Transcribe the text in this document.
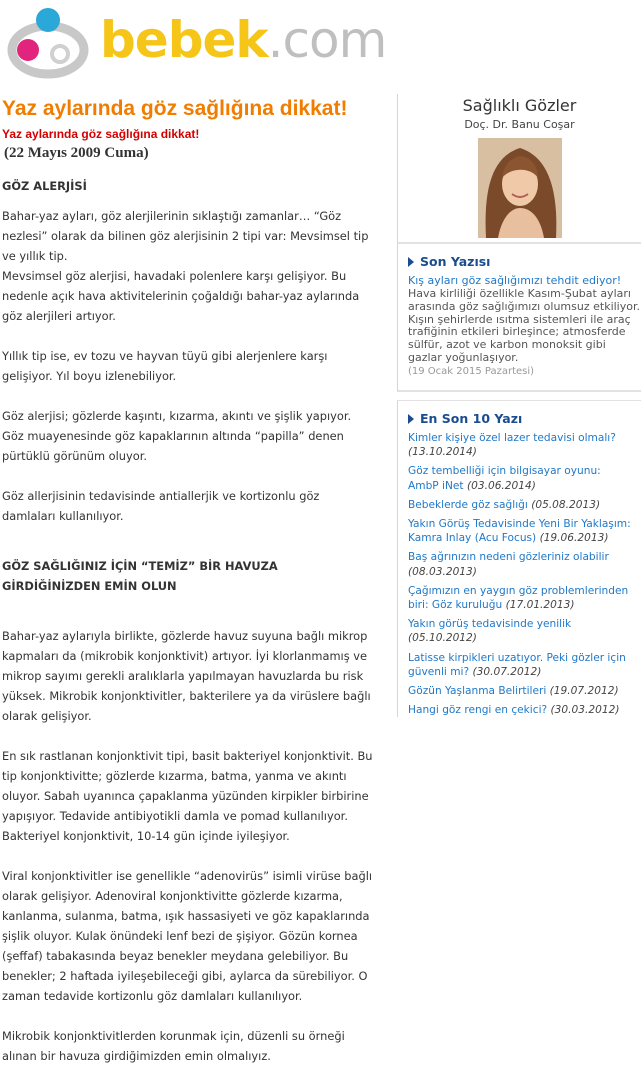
bebek.com
Yaz aylarında göz sağlığına dikkat!
Yaz aylarında göz sağlığına dikkat!
(22 Mayıs 2009 Cuma)
GÖZ ALERJİSİ

Bahar-yaz ayları, göz alerjilerinin sıklaştığı zamanlar… “Göz nezlesi” olarak da bilinen göz alerjisinin 2 tipi var: Mevsimsel tip ve yıllık tip.

Mevsimsel göz alerjisi, havadaki polenlere karşı gelişiyor. Bu nedenle açık hava aktivitelerinin çoğaldığı bahar-yaz aylarında göz alerjileri artıyor.

Yıllık tip ise, ev tozu ve hayvan tüyü gibi alerjenlere karşı gelişiyor. Yıl boyu izlenebiliyor.

Göz alerjisi; gözlerde kaşıntı, kızarma, akıntı ve şişlik yapıyor. Göz muayenesinde göz kapaklarının altında “papilla” denen pürtüklü görünüm oluyor.

Göz allerjisinin tedavisinde antiallerjik ve kortizonlu göz damlaları kullanılıyor.

GÖZ SAĞLIĞINIZ İÇİN “TEMİZ” BİR HAVUZA GİRDİĞİNİZDEN EMİN OLUN

Bahar-yaz aylarıyla birlikte, gözlerde havuz suyuna bağlı mikrop kapmaları da (mikrobik konjonktivit) artıyor. İyi klorlanmamış ve mikrop sayımı gerekli aralıklarla yapılmayan havuzlarda bu risk yüksek. Mikrobik konjonktivitler, bakterilere ya da virüslere bağlı olarak gelişiyor.

En sık rastlanan konjonktivit tipi, basit bakteriyel konjonktivit. Bu tip konjonktivitte; gözlerde kızarma, batma, yanma ve akıntı oluyor. Sabah uyanınca çapaklanma yüzünden kirpikler birbirine yapışıyor. Tedavide antibiyotikli damla ve pomad kullanılıyor. Bakteriyel konjonktivit, 10-14 gün içinde iyileşiyor.

Viral konjonktivitler ise genellikle “adenovirüs” isimli virüse bağlı olarak gelişiyor. Adenoviral konjonktivitte gözlerde kızarma, kanlanma, sulanma, batma, ışık hassasiyeti ve göz kapaklarında şişlik oluyor. Kulak önündeki lenf bezi de şişiyor. Gözün kornea (şeffaf) tabakasında beyaz benekler meydana gelebiliyor. Bu benekler; 2 haftada iyileşebileceği gibi, aylarca da sürebiliyor. O zaman tedavide kortizonlu göz damlaları kullanılıyor.

Mikrobik konjonktivitlerden korunmak için, düzenli su örneği alınan bir havuza girdiğimizden emin olmalıyız.

Sağlıklı Gözler
Doç. Dr. Banu Coşar
Son Yazısı
Kış ayları göz sağlığımızı tehdit ediyor!
Hava kirliliği özellikle Kasım-Şubat ayları arasında göz sağlığımızı olumsuz etkiliyor. Kışın şehirlerde ısıtma sistemleri ile araç trafiğinin etkileri birleşince; atmosferde sülfür, azot ve karbon monoksit gibi gazlar yoğunlaşıyor.
(19 Ocak 2015 Pazartesi)
En Son 10 Yazı
Kimler kişiye özel lazer tedavisi olmalı? (13.10.2014)
Göz tembelliği için bilgisayar oyunu: AmbP iNet (03.06.2014)
Bebeklerde göz sağlığı (05.08.2013)
Yakın Görüş Tedavisinde Yeni Bir Yaklaşım: Kamra Inlay (Acu Focus) (19.06.2013)
Baş ağrınızın nedeni gözleriniz olabilir (08.03.2013)
Çağımızın en yaygın göz problemlerinden biri: Göz kuruluğu (17.01.2013)
Yakın görüş tedavisinde yenilik (05.10.2012)
Latisse kirpikleri uzatıyor. Peki gözler için güvenli mi? (30.07.2012)
Gözün Yaşlanma Belirtileri (19.07.2012)
Hangi göz rengi en çekici? (30.03.2012)
